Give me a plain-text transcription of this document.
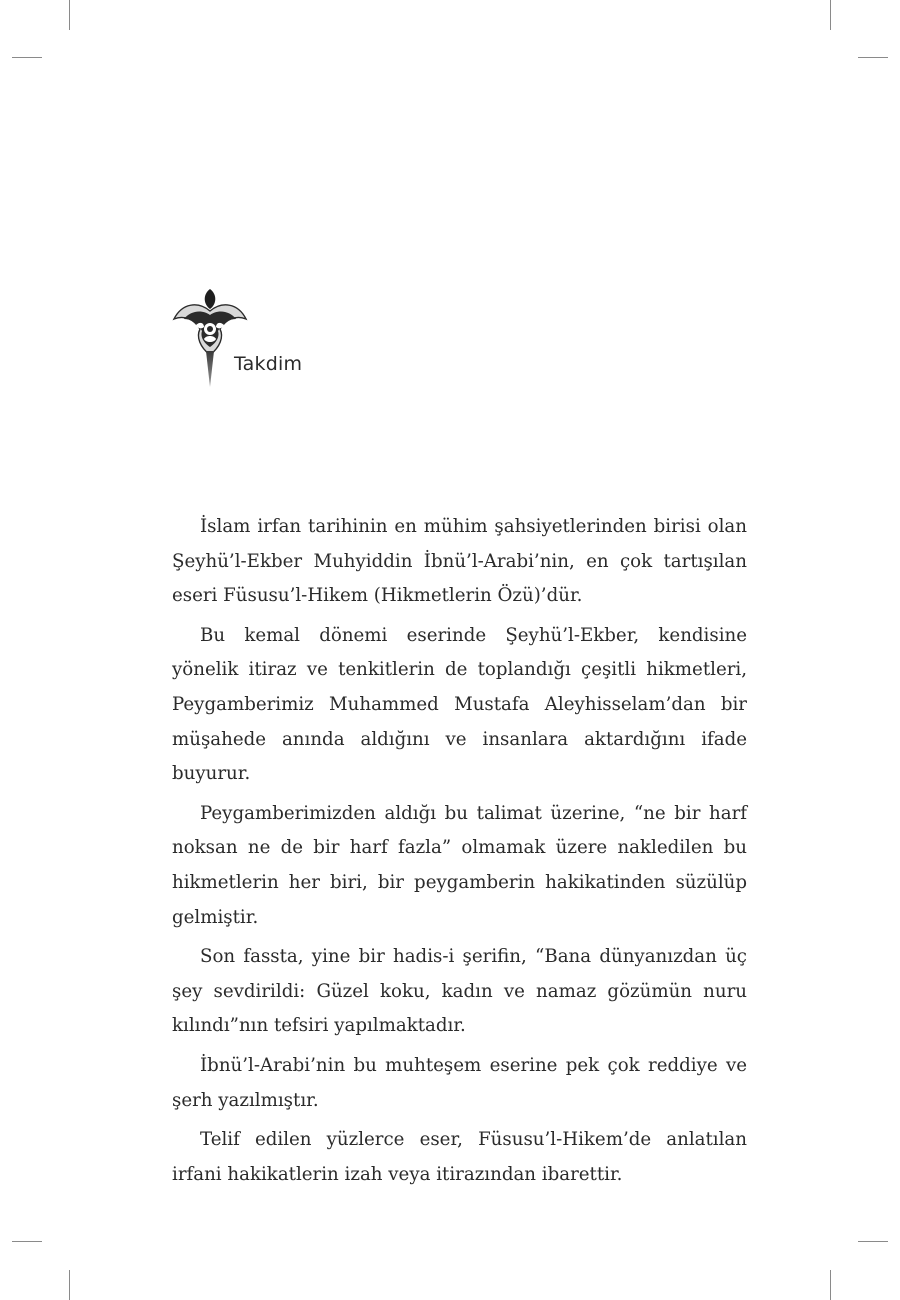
Takdim

İslam irfan tarihinin en mühim şahsiyetlerinden birisi olan Şeyhü’l-Ekber Muhyiddin İbnü’l-Arabi’nin, en çok tartışılan eseri Füsusu’l-Hikem (Hikmetlerin Özü)’dür.

Bu kemal dönemi eserinde Şeyhü’l-Ekber, kendisine yönelik itiraz ve tenkitlerin de toplandığı çeşitli hikmetleri, Peygamberimiz Muhammed Mustafa Aleyhisselam’dan bir müşahede anında aldığını ve insanlara aktardığını ifade buyurur.

Peygamberimizden aldığı bu talimat üzerine, “ne bir harf noksan ne de bir harf fazla” olmamak üzere nakledilen bu hikmetlerin her biri, bir peygamberin hakikatinden süzülüp gelmiştir.

Son fassta, yine bir hadis-i şerifin, “Bana dünyanızdan üç şey sevdirildi: Güzel koku, kadın ve namaz gözümün nuru kılındı”nın tefsiri yapılmaktadır.

İbnü’l-Arabi’nin bu muhteşem eserine pek çok reddiye ve şerh yazılmıştır.

Telif edilen yüzlerce eser, Füsusu’l-Hikem’de anlatılan irfani hakikatlerin izah veya itirazından ibarettir.
